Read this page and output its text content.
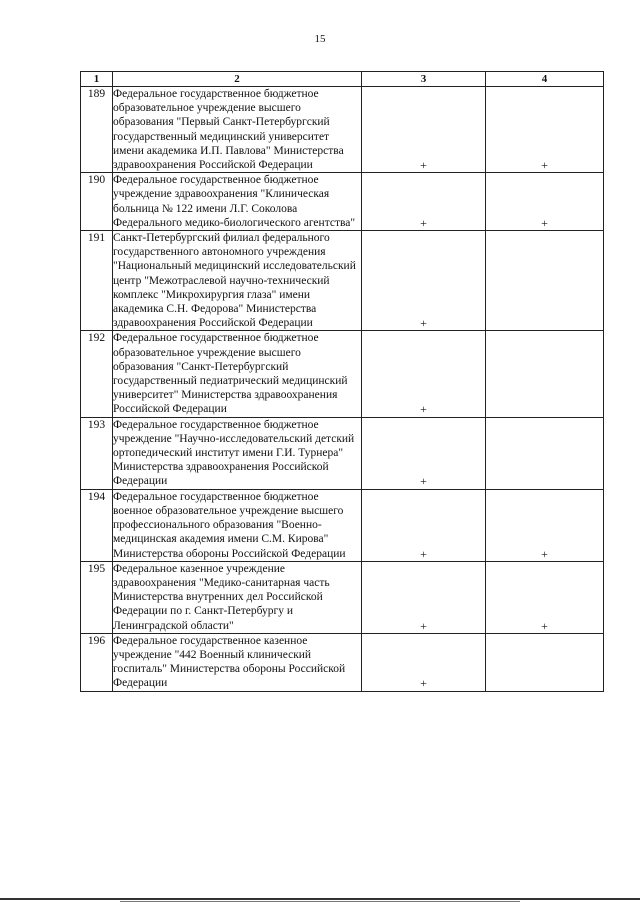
15
1	2	3	4
189	Федеральное государственное бюджетное образовательное учреждение высшего образования "Первый Санкт-Петербургский государственный медицинский университет имени академика И.П. Павлова" Министерства здравоохранения Российской Федерации	+	+
190	Федеральное государственное бюджетное учреждение здравоохранения "Клиническая больница № 122 имени Л.Г. Соколова Федерального медико-биологического агентства"	+	+
191	Санкт-Петербургский филиал федерального государственного автономного учреждения "Национальный медицинский исследовательский центр "Межотраслевой научно-технический комплекс "Микрохирургия глаза" имени академика С.Н. Федорова" Министерства здравоохранения Российской Федерации	+	
192	Федеральное государственное бюджетное образовательное учреждение высшего образования "Санкт-Петербургский государственный педиатрический медицинский университет" Министерства здравоохранения Российской Федерации	+	
193	Федеральное государственное бюджетное учреждение "Научно-исследовательский детский ортопедический институт имени Г.И. Турнера" Министерства здравоохранения Российской Федерации	+	
194	Федеральное государственное бюджетное военное образовательное учреждение высшего профессионального образования "Военно-медицинская академия имени С.М. Кирова" Министерства обороны Российской Федерации	+	+
195	Федеральное казенное учреждение здравоохранения "Медико-санитарная часть Министерства внутренних дел Российской Федерации по г. Санкт-Петербургу и Ленинградской области"	+	+
196	Федеральное государственное казенное учреждение "442 Военный клинический госпиталь" Министерства обороны Российской Федерации	+	
